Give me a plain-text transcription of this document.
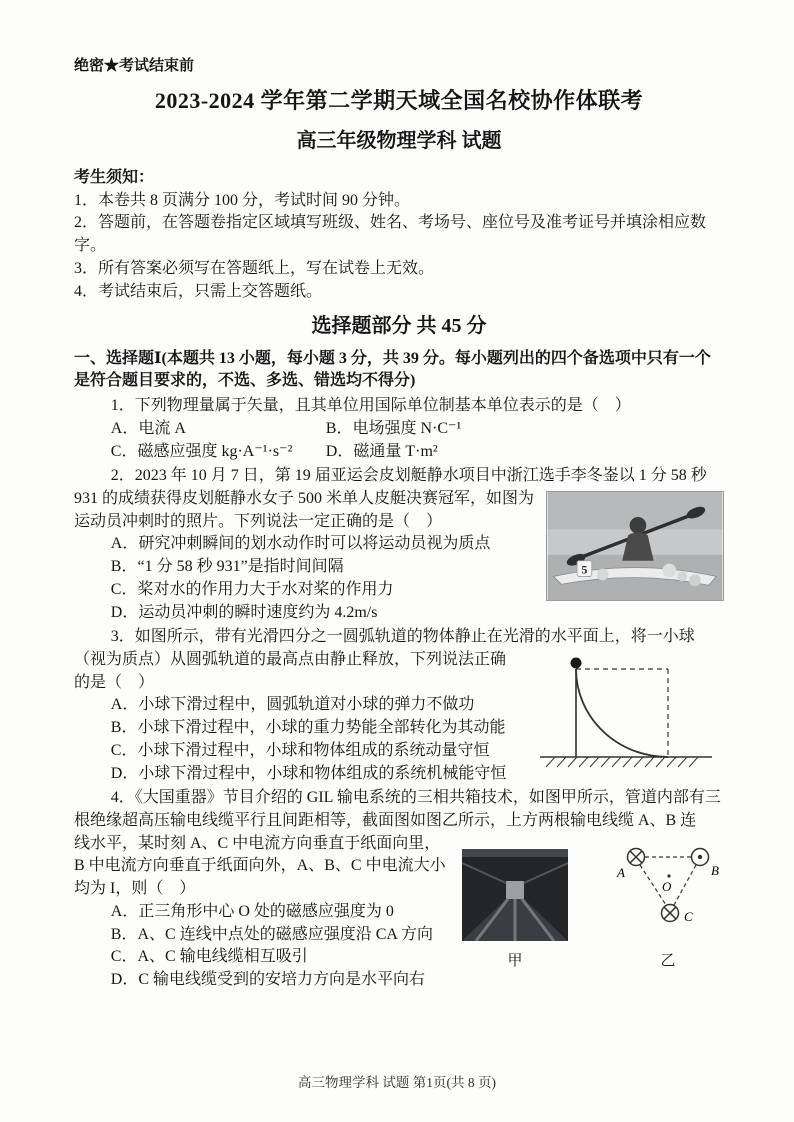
绝密★考试结束前
2023-2024 学年第二学期天域全国名校协作体联考
高三年级物理学科 试题
考生须知：
1．本卷共 8 页满分 100 分，考试时间 90 分钟。
2．答题前，在答题卷指定区域填写班级、姓名、考场号、座位号及准考证号并填涂相应数字。
3．所有答案必须写在答题纸上，写在试卷上无效。
4．考试结束后，只需上交答题纸。
选择题部分 共 45 分
一、选择题Ⅰ(本题共 13 小题，每小题 3 分，共 39 分。每小题列出的四个备选项中只有一个是符合题目要求的，不选、多选、错选均不得分)
1．下列物理量属于矢量，且其单位用国际单位制基本单位表示的是（　）
A．电流 A	B．电场强度 N·C⁻¹
C．磁感应强度 kg·A⁻¹·s⁻²	D．磁通量 T·m²
2．2023 年 10 月 7 日，第 19 届亚运会皮划艇静水项目中浙江选手李冬崟以 1 分 58 秒
5
931 的成绩获得皮划艇静水女子 500 米单人皮艇决赛冠军，如图为运动员冲刺时的照片。下列说法一定正确的是（　）
A．研究冲刺瞬间的划水动作时可以将运动员视为质点
B．“1 分 58 秒 931”是指时间间隔
C．桨对水的作用力大于水对桨的作用力
D．运动员冲刺的瞬时速度约为 4.2m/s
3．如图所示，带有光滑四分之一圆弧轨道的物体静止在光滑的水平面上，将一小球
（视为质点）从圆弧轨道的最高点由静止释放，下列说法正确的是（　）
A．小球下滑过程中，圆弧轨道对小球的弹力不做功
B．小球下滑过程中，小球的重力势能全部转化为其动能
C．小球下滑过程中，小球和物体组成的系统动量守恒
D．小球下滑过程中，小球和物体组成的系统机械能守恒
4．《大国重器》节目介绍的 GIL 输电系统的三相共箱技术，如图甲所示，管道内部有三根绝缘超高压输电线缆平行且间距相等，截面图如图乙所示，上方两根输电线缆 A、B 连
甲
O
A	B
C
乙
线水平，某时刻 A、C 中电流方向垂直于纸面向里，B 中电流方向垂直于纸面向外，A、B、C 中电流大小均为 I，则（　）
A．正三角形中心 O 处的磁感应强度为 0
B．A、C 连线中点处的磁感应强度沿 CA 方向
C．A、C 输电线缆相互吸引
D．C 输电线缆受到的安培力方向是水平向右
高三物理学科 试题 第1页(共 8 页)
